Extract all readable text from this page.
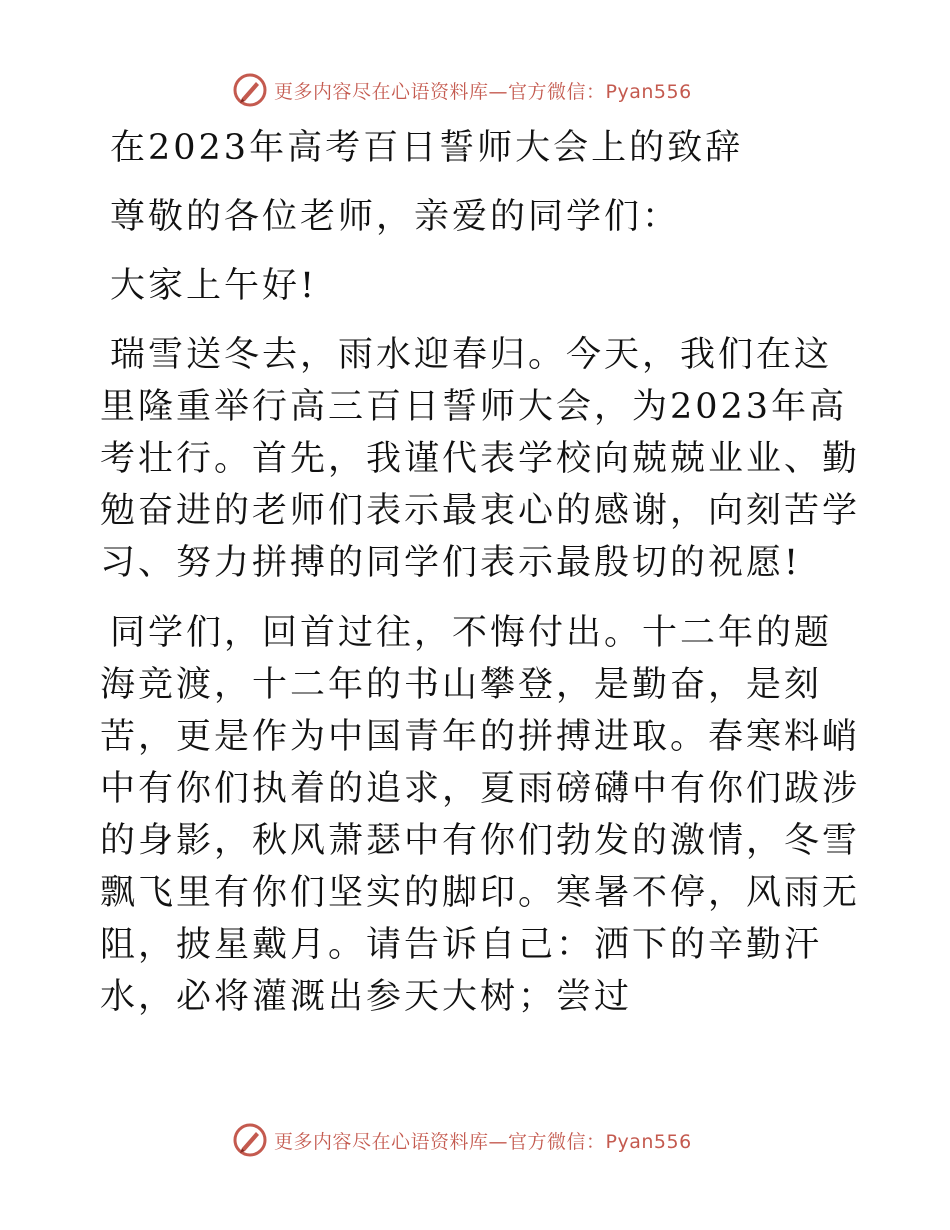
更多内容尽在心语资料库—官方微信：Pyan556

在2023年高考百日誓师大会上的致辞

尊敬的各位老师，亲爱的同学们：

大家上午好!

瑞雪送冬去，雨水迎春归。今天，我们在这里隆重举行高三百日誓师大会，为2023年高考壮行。首先，我谨代表学校向兢兢业业、勤勉奋进的老师们表示最衷心的感谢，向刻苦学习、努力拼搏的同学们表示最殷切的祝愿!

同学们，回首过往，不悔付出。十二年的题海竞渡，十二年的书山攀登，是勤奋，是刻苦，更是作为中国青年的拼搏进取。春寒料峭中有你们执着的追求，夏雨磅礴中有你们跋涉的身影，秋风萧瑟中有你们勃发的激情，冬雪飘飞里有你们坚实的脚印。寒暑不停，风雨无阻，披星戴月。请告诉自己：洒下的辛勤汗水，必将灌溉出参天大树；尝过

更多内容尽在心语资料库—官方微信：Pyan556
